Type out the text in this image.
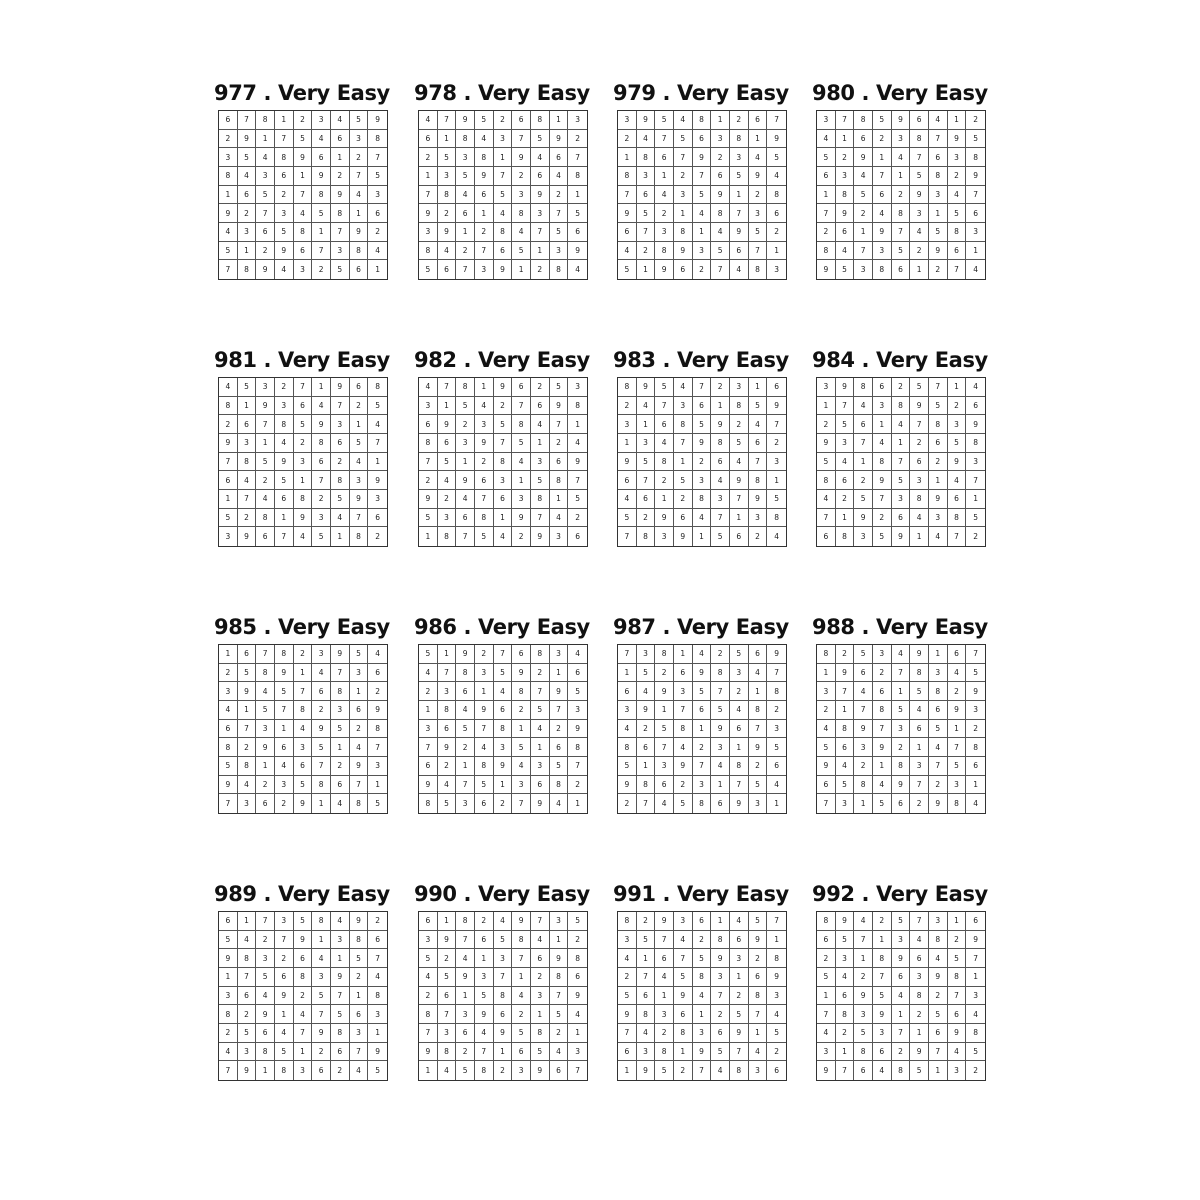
977 . Very Easy
6	7	8	1	2	3	4	5	9
2	9	1	7	5	4	6	3	8
3	5	4	8	9	6	1	2	7
8	4	3	6	1	9	2	7	5
1	6	5	2	7	8	9	4	3
9	2	7	3	4	5	8	1	6
4	3	6	5	8	1	7	9	2
5	1	2	9	6	7	3	8	4
7	8	9	4	3	2	5	6	1
978 . Very Easy
4	7	9	5	2	6	8	1	3
6	1	8	4	3	7	5	9	2
2	5	3	8	1	9	4	6	7
1	3	5	9	7	2	6	4	8
7	8	4	6	5	3	9	2	1
9	2	6	1	4	8	3	7	5
3	9	1	2	8	4	7	5	6
8	4	2	7	6	5	1	3	9
5	6	7	3	9	1	2	8	4
979 . Very Easy
3	9	5	4	8	1	2	6	7
2	4	7	5	6	3	8	1	9
1	8	6	7	9	2	3	4	5
8	3	1	2	7	6	5	9	4
7	6	4	3	5	9	1	2	8
9	5	2	1	4	8	7	3	6
6	7	3	8	1	4	9	5	2
4	2	8	9	3	5	6	7	1
5	1	9	6	2	7	4	8	3
980 . Very Easy
3	7	8	5	9	6	4	1	2
4	1	6	2	3	8	7	9	5
5	2	9	1	4	7	6	3	8
6	3	4	7	1	5	8	2	9
1	8	5	6	2	9	3	4	7
7	9	2	4	8	3	1	5	6
2	6	1	9	7	4	5	8	3
8	4	7	3	5	2	9	6	1
9	5	3	8	6	1	2	7	4
981 . Very Easy
4	5	3	2	7	1	9	6	8
8	1	9	3	6	4	7	2	5
2	6	7	8	5	9	3	1	4
9	3	1	4	2	8	6	5	7
7	8	5	9	3	6	2	4	1
6	4	2	5	1	7	8	3	9
1	7	4	6	8	2	5	9	3
5	2	8	1	9	3	4	7	6
3	9	6	7	4	5	1	8	2
982 . Very Easy
4	7	8	1	9	6	2	5	3
3	1	5	4	2	7	6	9	8
6	9	2	3	5	8	4	7	1
8	6	3	9	7	5	1	2	4
7	5	1	2	8	4	3	6	9
2	4	9	6	3	1	5	8	7
9	2	4	7	6	3	8	1	5
5	3	6	8	1	9	7	4	2
1	8	7	5	4	2	9	3	6
983 . Very Easy
8	9	5	4	7	2	3	1	6
2	4	7	3	6	1	8	5	9
3	1	6	8	5	9	2	4	7
1	3	4	7	9	8	5	6	2
9	5	8	1	2	6	4	7	3
6	7	2	5	3	4	9	8	1
4	6	1	2	8	3	7	9	5
5	2	9	6	4	7	1	3	8
7	8	3	9	1	5	6	2	4
984 . Very Easy
3	9	8	6	2	5	7	1	4
1	7	4	3	8	9	5	2	6
2	5	6	1	4	7	8	3	9
9	3	7	4	1	2	6	5	8
5	4	1	8	7	6	2	9	3
8	6	2	9	5	3	1	4	7
4	2	5	7	3	8	9	6	1
7	1	9	2	6	4	3	8	5
6	8	3	5	9	1	4	7	2
985 . Very Easy
1	6	7	8	2	3	9	5	4
2	5	8	9	1	4	7	3	6
3	9	4	5	7	6	8	1	2
4	1	5	7	8	2	3	6	9
6	7	3	1	4	9	5	2	8
8	2	9	6	3	5	1	4	7
5	8	1	4	6	7	2	9	3
9	4	2	3	5	8	6	7	1
7	3	6	2	9	1	4	8	5
986 . Very Easy
5	1	9	2	7	6	8	3	4
4	7	8	3	5	9	2	1	6
2	3	6	1	4	8	7	9	5
1	8	4	9	6	2	5	7	3
3	6	5	7	8	1	4	2	9
7	9	2	4	3	5	1	6	8
6	2	1	8	9	4	3	5	7
9	4	7	5	1	3	6	8	2
8	5	3	6	2	7	9	4	1
987 . Very Easy
7	3	8	1	4	2	5	6	9
1	5	2	6	9	8	3	4	7
6	4	9	3	5	7	2	1	8
3	9	1	7	6	5	4	8	2
4	2	5	8	1	9	6	7	3
8	6	7	4	2	3	1	9	5
5	1	3	9	7	4	8	2	6
9	8	6	2	3	1	7	5	4
2	7	4	5	8	6	9	3	1
988 . Very Easy
8	2	5	3	4	9	1	6	7
1	9	6	2	7	8	3	4	5
3	7	4	6	1	5	8	2	9
2	1	7	8	5	4	6	9	3
4	8	9	7	3	6	5	1	2
5	6	3	9	2	1	4	7	8
9	4	2	1	8	3	7	5	6
6	5	8	4	9	7	2	3	1
7	3	1	5	6	2	9	8	4
989 . Very Easy
6	1	7	3	5	8	4	9	2
5	4	2	7	9	1	3	8	6
9	8	3	2	6	4	1	5	7
1	7	5	6	8	3	9	2	4
3	6	4	9	2	5	7	1	8
8	2	9	1	4	7	5	6	3
2	5	6	4	7	9	8	3	1
4	3	8	5	1	2	6	7	9
7	9	1	8	3	6	2	4	5
990 . Very Easy
6	1	8	2	4	9	7	3	5
3	9	7	6	5	8	4	1	2
5	2	4	1	3	7	6	9	8
4	5	9	3	7	1	2	8	6
2	6	1	5	8	4	3	7	9
8	7	3	9	6	2	1	5	4
7	3	6	4	9	5	8	2	1
9	8	2	7	1	6	5	4	3
1	4	5	8	2	3	9	6	7
991 . Very Easy
8	2	9	3	6	1	4	5	7
3	5	7	4	2	8	6	9	1
4	1	6	7	5	9	3	2	8
2	7	4	5	8	3	1	6	9
5	6	1	9	4	7	2	8	3
9	8	3	6	1	2	5	7	4
7	4	2	8	3	6	9	1	5
6	3	8	1	9	5	7	4	2
1	9	5	2	7	4	8	3	6
992 . Very Easy
8	9	4	2	5	7	3	1	6
6	5	7	1	3	4	8	2	9
2	3	1	8	9	6	4	5	7
5	4	2	7	6	3	9	8	1
1	6	9	5	4	8	2	7	3
7	8	3	9	1	2	5	6	4
4	2	5	3	7	1	6	9	8
3	1	8	6	2	9	7	4	5
9	7	6	4	8	5	1	3	2
